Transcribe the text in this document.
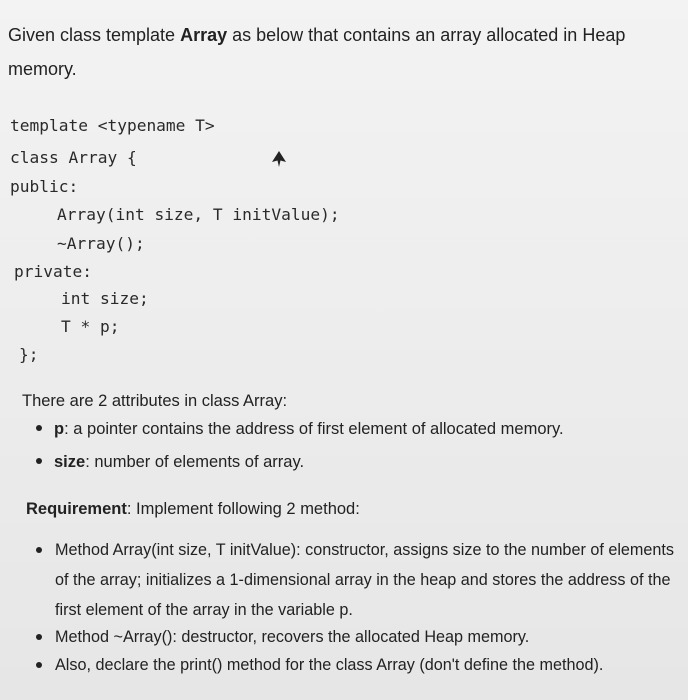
Given class template Array as below that contains an array allocated in Heap memory.
template <typename T>
class Array {
public:
Array(int size, T initValue);
~Array();
private:
int size;
T * p;
};
There are 2 attributes in class Array:
p: a pointer contains the address of first element of allocated memory.
size: number of elements of array.
Requirement: Implement following 2 method:
Method Array(int size, T initValue): constructor, assigns size to the number of elements of the array; initializes a 1-dimensional array in the heap and stores the address of the first element of the array in the variable p.
Method ~Array(): destructor, recovers the allocated Heap memory.
Also, declare the print() method for the class Array (don't define the method).
